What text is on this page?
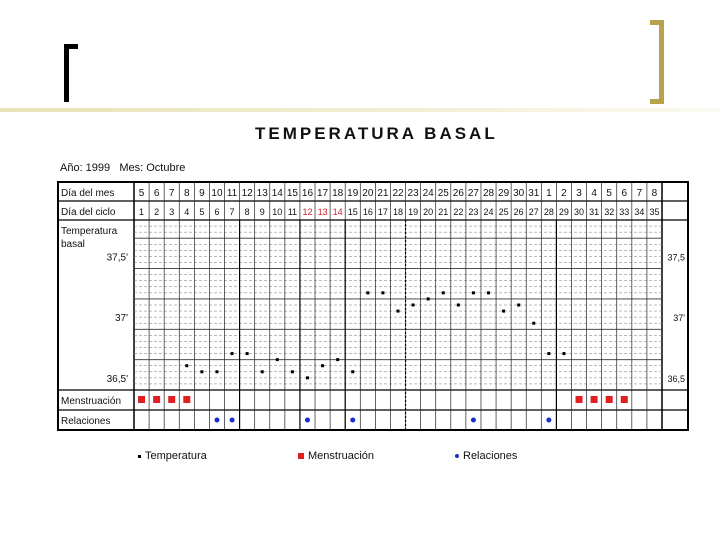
TEMPERATURA BASAL
Año: 1999 Mes: Octubre
Día del mes
Día del ciclo
Temperatura
basal
Menstruación
Relaciones
37,5'
37'
36,5'
37,5
37'
36,5
5 6 7 8 9 10 11 12 13 14 15 16 17 18 19 20 21 22 23 24 25 26 27 28 29 30 31 1 2 3 4 5 6 7 8
1 2 3 4 5 6 7 8 9 10 11 12 13 14 15 16 17 18 19 20 21 22 23 24 25 26 27 28 29 30 31 32 33 34 35
Temperatura	Menstruación	Relaciones
